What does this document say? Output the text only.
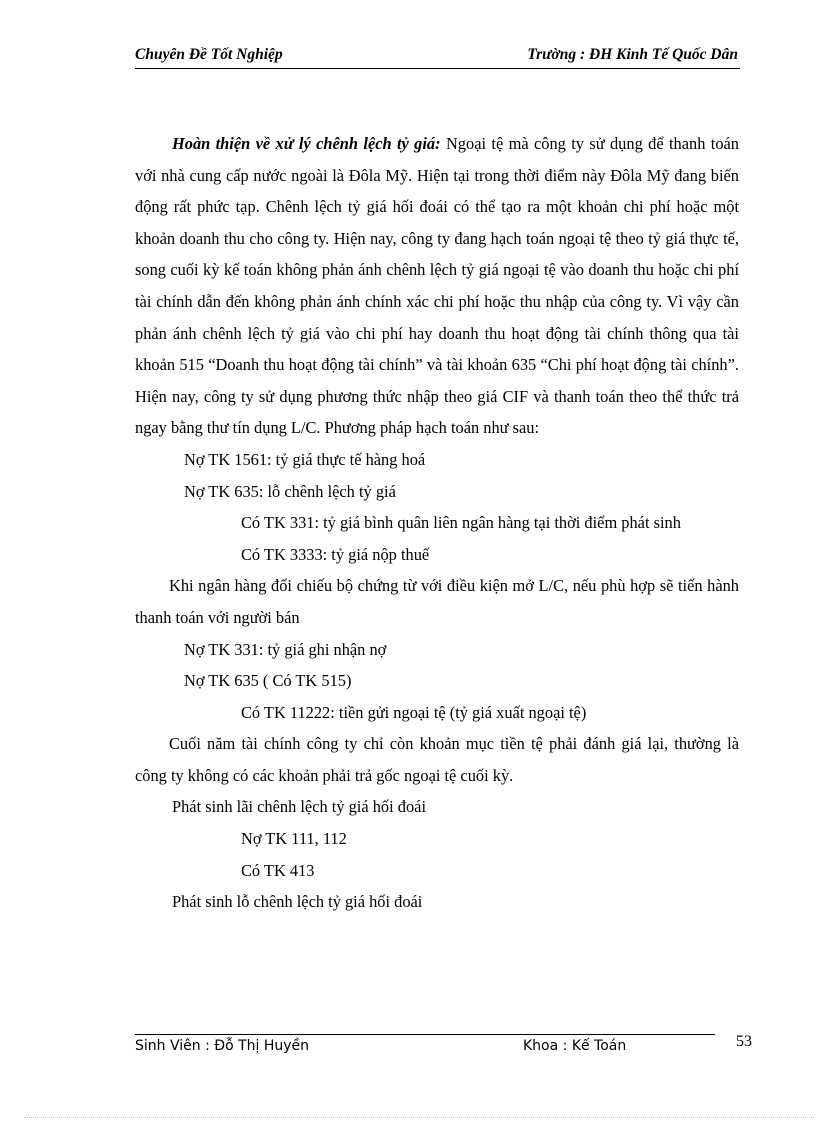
Chuyên Đề Tốt Nghiệp	Trường : ĐH Kinh Tế Quốc Dân

Hoàn thiện về xử lý chênh lệch tỷ giá: Ngoại tệ mà công ty sử dụng để thanh toán với nhà cung cấp nước ngoài là Đôla Mỹ. Hiện tại trong thời điểm này Đôla Mỹ đang biến động rất phức tạp. Chênh lệch tỷ giá hối đoái có thể tạo ra một khoản chi phí hoặc một khoản doanh thu cho công ty. Hiện nay, công ty đang hạch toán ngoại tệ theo tỷ giá thực tế, song cuối kỳ kế toán không phản ánh chênh lệch tỷ giá ngoại tệ vào doanh thu hoặc chi phí tài chính dẫn đến không phản ánh chính xác chi phí hoặc thu nhập của công ty. Vì vậy cần phản ánh chênh lệch tỷ giá vào chi phí hay doanh thu hoạt động tài chính thông qua tài khoản 515 “Doanh thu hoạt động tài chính” và tài khoản 635 “Chi phí hoạt động tài chính”. Hiện nay, công ty sử dụng phương thức nhập theo giá CIF và thanh toán theo thể thức trả ngay bằng thư tín dụng L/C. Phương pháp hạch toán như sau:

Nợ TK 1561: tỷ giá thực tế hàng hoá

Nợ TK 635: lỗ chênh lệch tỷ giá

Có TK 331: tỷ giá bình quân liên ngân hàng tại thời điểm phát sinh

Có TK 3333: tỷ giá nộp thuế

Khi ngân hàng đối chiếu bộ chứng từ với điều kiện mở L/C, nếu phù hợp sẽ tiến hành thanh toán với người bán

Nợ TK 331: tỷ giá ghi nhận nợ

Nợ TK 635 ( Có TK 515)

Có TK 11222: tiền gửi ngoại tệ (tỷ giá xuất ngoại tệ)

Cuối năm tài chính công ty chỉ còn khoản mục tiền tệ phải đánh giá lại, thường là công ty không có các khoản phải trả gốc ngoại tệ cuối kỳ.

Phát sinh lãi chênh lệch tỷ giá hối đoái

Nợ TK 111, 112

Có TK 413

Phát sinh lỗ chênh lệch tỷ giá hối đoái

Sinh Viên : Đỗ Thị Huyền	Khoa : Kế Toán	53
